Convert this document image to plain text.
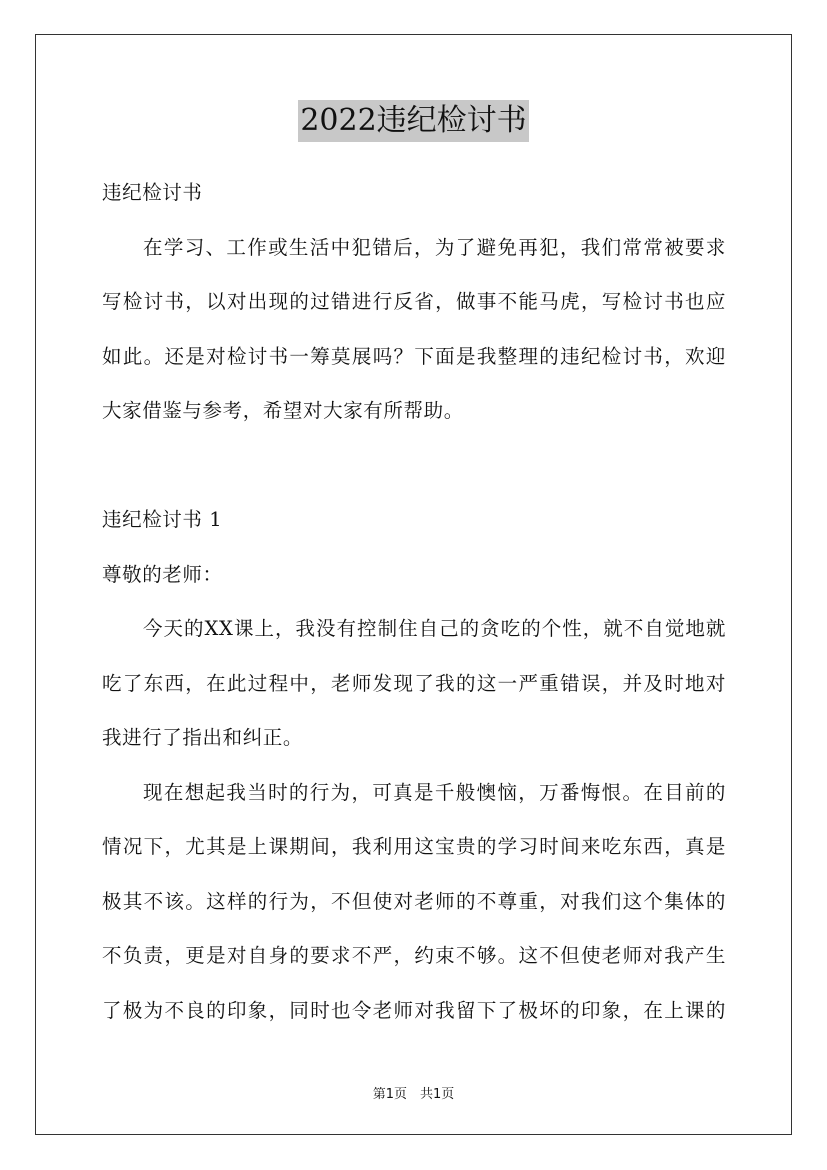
2022违纪检讨书
违纪检讨书
在学习、工作或生活中犯错后，为了避免再犯，我们常常被要求
写检讨书，以对出现的过错进行反省，做事不能马虎，写检讨书也应
如此。还是对检讨书一筹莫展吗？下面是我整理的违纪检讨书，欢迎
大家借鉴与参考，希望对大家有所帮助。
违纪检讨书 1
尊敬的老师：
今天的XX课上，我没有控制住自己的贪吃的个性，就不自觉地就
吃了东西，在此过程中，老师发现了我的这一严重错误，并及时地对
我进行了指出和纠正。
现在想起我当时的行为，可真是千般懊恼，万番悔恨。在目前的
情况下，尤其是上课期间，我利用这宝贵的学习时间来吃东西，真是
极其不该。这样的行为，不但使对老师的不尊重，对我们这个集体的
不负责，更是对自身的要求不严，约束不够。这不但使老师对我产生
了极为不良的印象，同时也令老师对我留下了极坏的印象，在上课的
第1页　共1页
